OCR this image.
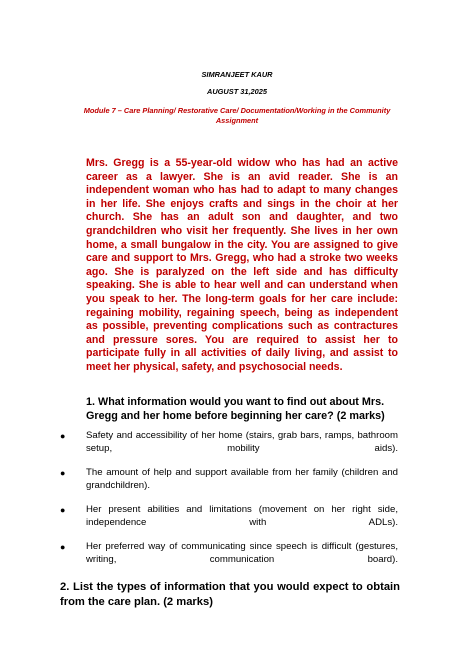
SIMRANJEET KAUR
AUGUST 31,2025
Module 7 – Care Planning/ Restorative Care/ Documentation/Working in the Community Assignment

Mrs. Gregg is a 55-year-old widow who has had an active career as a lawyer. She is an avid reader. She is an independent woman who has had to adapt to many changes in her life. She enjoys crafts and sings in the choir at her church. She has an adult son and daughter, and two grandchildren who visit her frequently. She lives in her own home, a small bungalow in the city. You are assigned to give care and support to Mrs. Gregg, who had a stroke two weeks ago. She is paralyzed on the left side and has difficulty speaking. She is able to hear well and can understand when you speak to her. The long-term goals for her care include: regaining mobility, regaining speech, being as independent as possible, preventing complications such as contractures and pressure sores. You are required to assist her to participate fully in all activities of daily living, and assist to meet her physical, safety, and psychosocial needs.

1. What information would you want to find out about Mrs. Gregg and her home before beginning her care? (2 marks)

● Safety and accessibility of her home (stairs, grab bars, ramps, bathroom setup, mobility aids).
● The amount of help and support available from her family (children and grandchildren).
● Her present abilities and limitations (movement on her right side, independence with ADLs).
● Her preferred way of communicating since speech is difficult (gestures, writing, communication board).

2. List the types of information that you would expect to obtain from the care plan. (2 marks)
